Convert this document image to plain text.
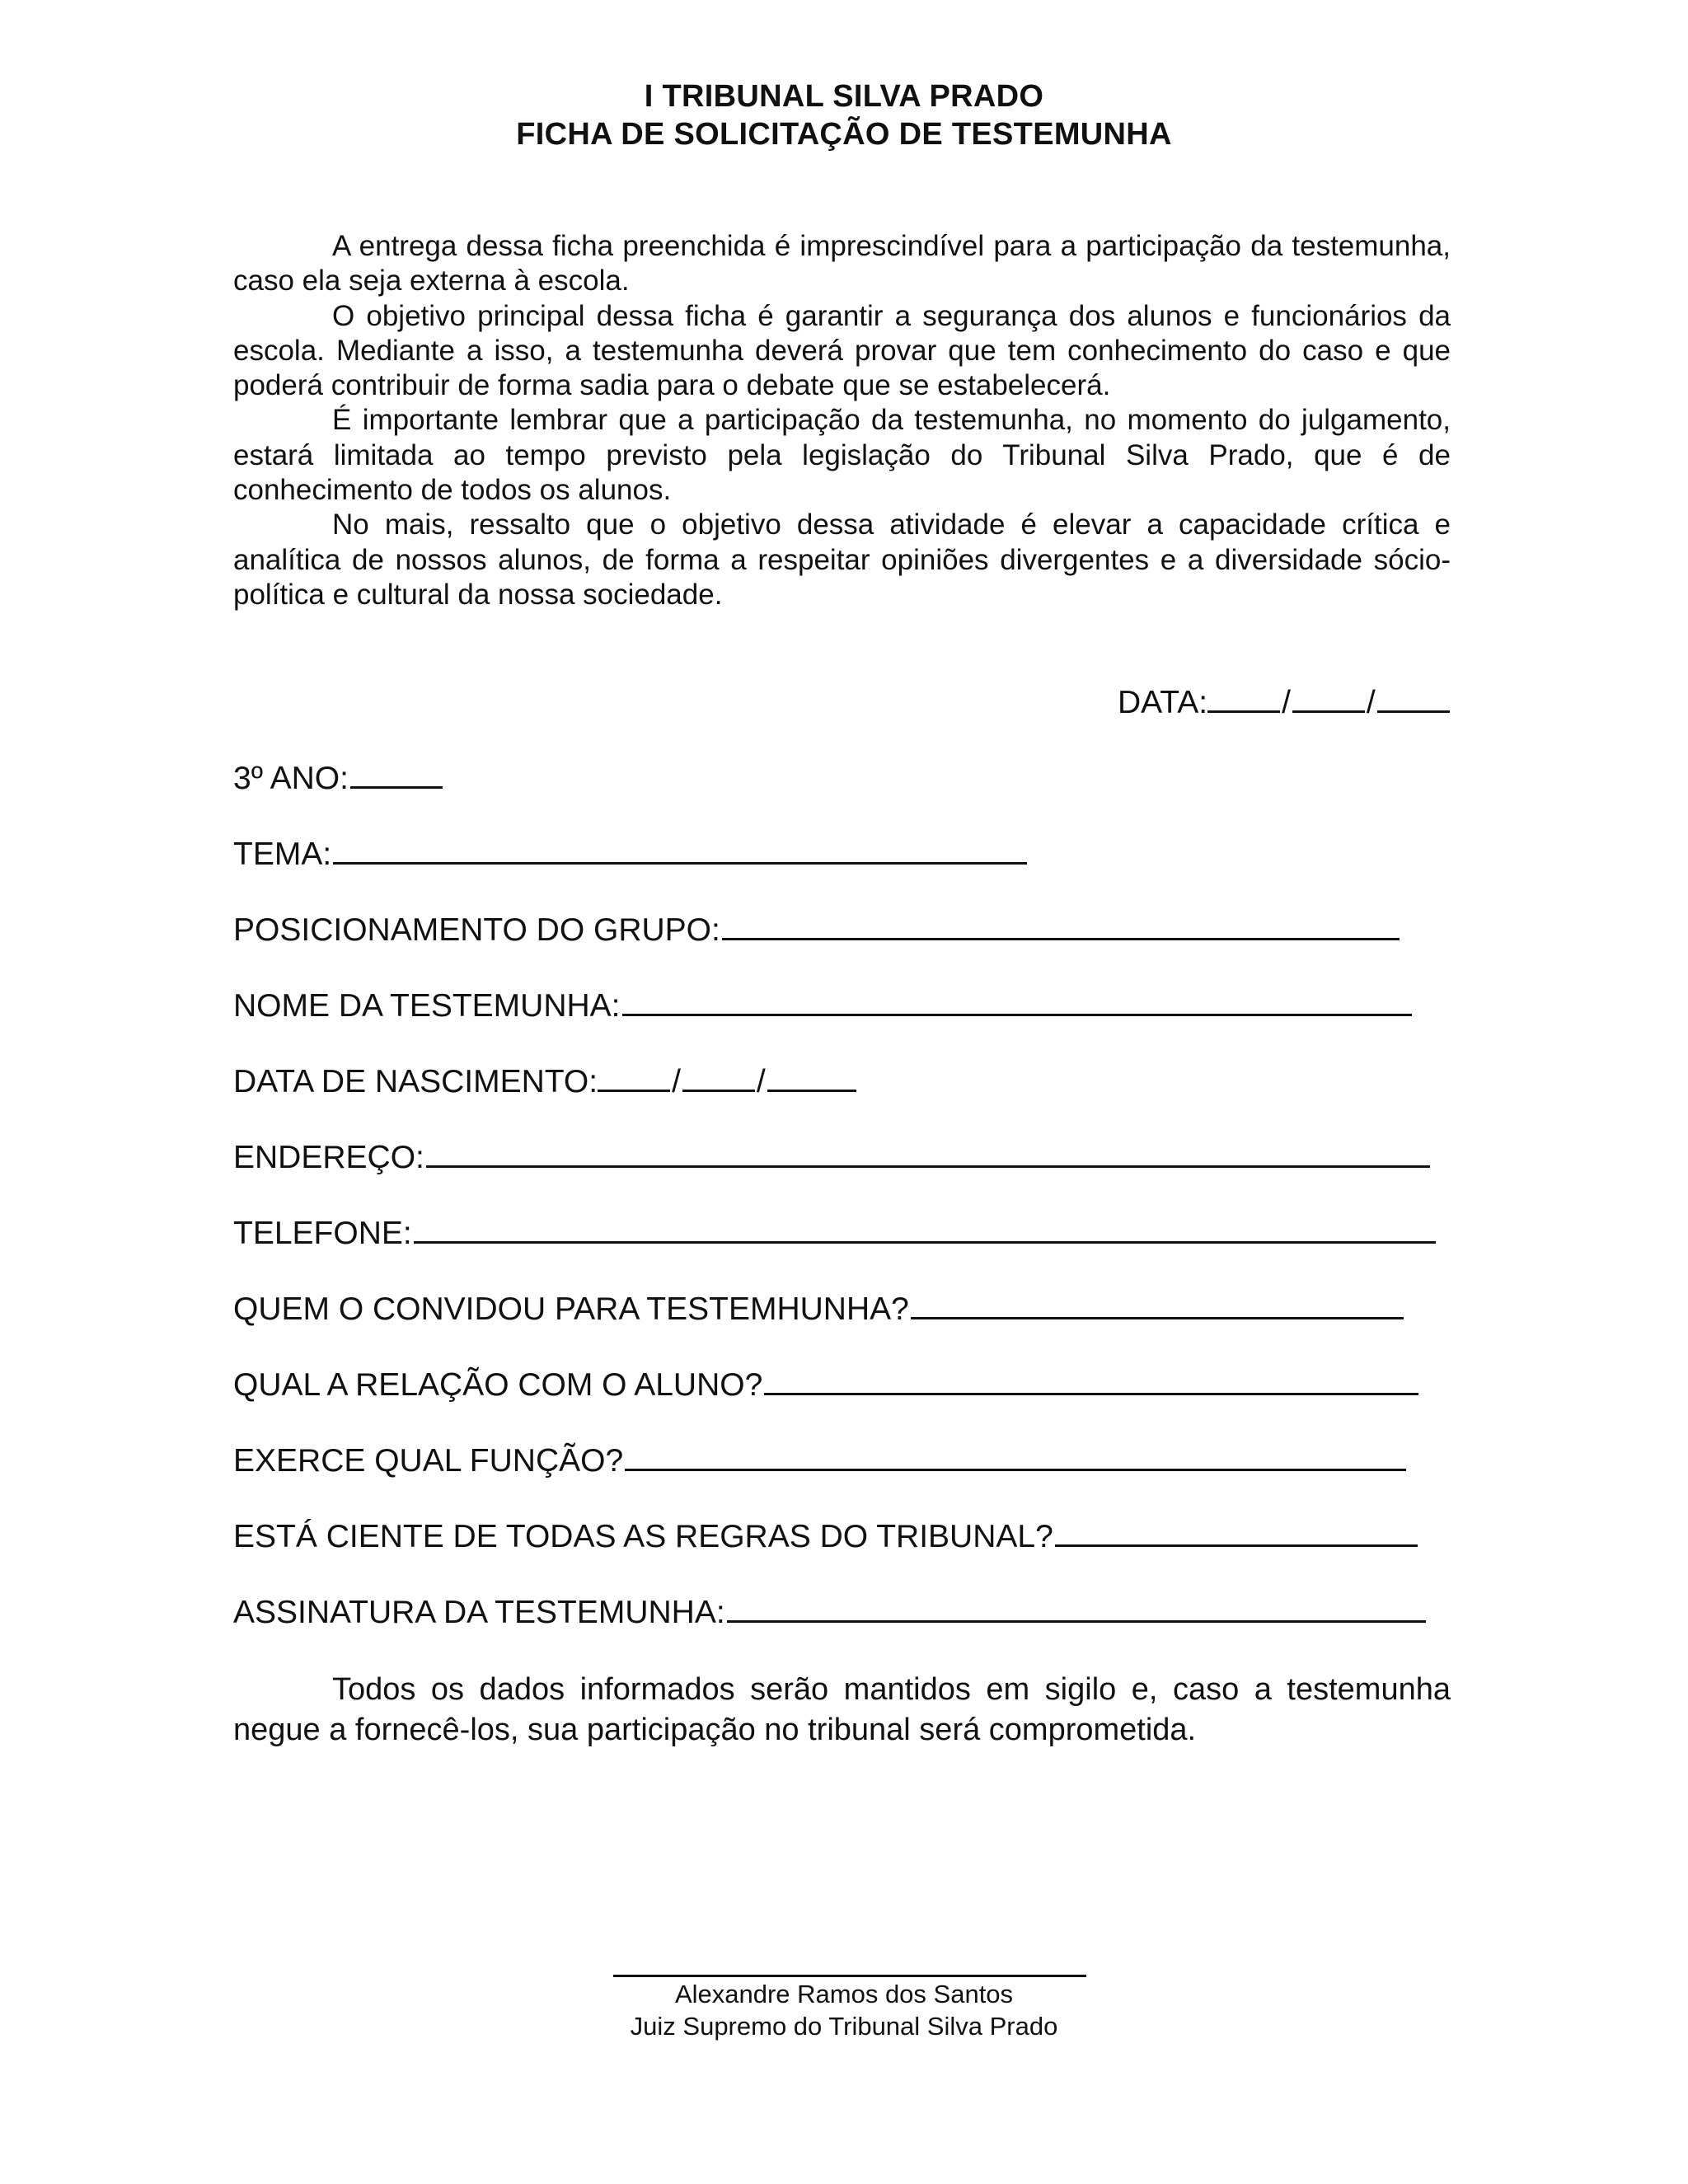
I TRIBUNAL SILVA PRADO
FICHA DE SOLICITAÇÃO DE TESTEMUNHA

A entrega dessa ficha preenchida é imprescindível para a participação da testemunha, caso ela seja externa à escola.

O objetivo principal dessa ficha é garantir a segurança dos alunos e funcionários da escola. Mediante a isso, a testemunha deverá provar que tem conhecimento do caso e que poderá contribuir de forma sadia para o debate que se estabelecerá.

É importante lembrar que a participação da testemunha, no momento do julgamento, estará limitada ao tempo previsto pela legislação do Tribunal Silva Prado, que é de conhecimento de todos os alunos.

No mais, ressalto que o objetivo dessa atividade é elevar a capacidade crítica e analítica de nossos alunos, de forma a respeitar opiniões divergentes e a diversidade sócio-política e cultural da nossa sociedade.

DATA: / /
3º ANO:
TEMA:
POSICIONAMENTO DO GRUPO:
NOME DA TESTEMUNHA:
DATA DE NASCIMENTO: / /
ENDEREÇO:
TELEFONE:
QUEM O CONVIDOU PARA TESTEMHUNHA?
QUAL A RELAÇÃO COM O ALUNO?
EXERCE QUAL FUNÇÃO?
ESTÁ CIENTE DE TODAS AS REGRAS DO TRIBUNAL?
ASSINATURA DA TESTEMUNHA:

Todos os dados informados serão mantidos em sigilo e, caso a testemunha negue a fornecê-los, sua participação no tribunal será comprometida.

Alexandre Ramos dos Santos
Juiz Supremo do Tribunal Silva Prado
